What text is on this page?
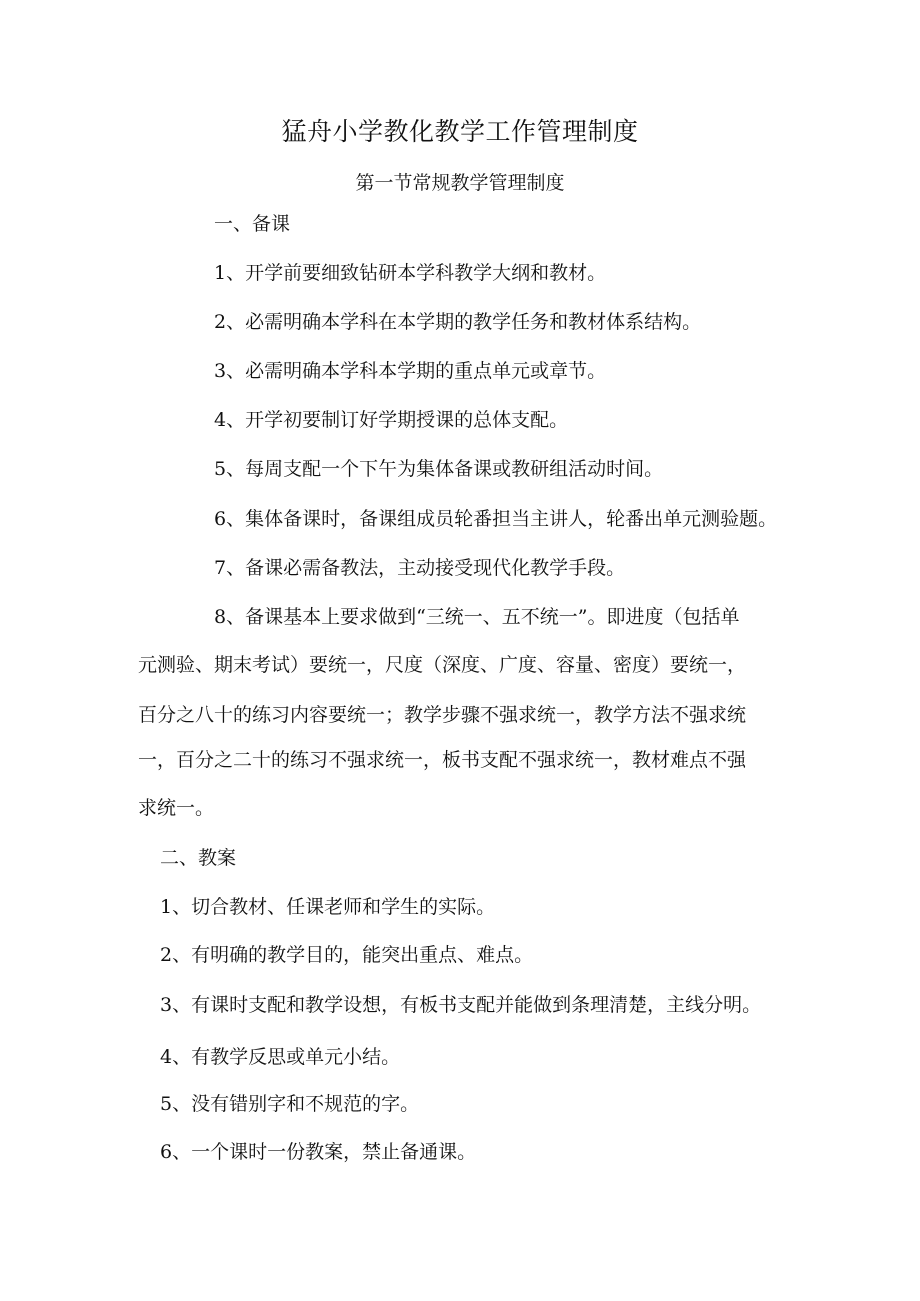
猛舟小学教化教学工作管理制度
第一节常规教学管理制度

一、备课

1、开学前要细致钻研本学科教学大纲和教材。

2、必需明确本学科在本学期的教学任务和教材体系结构。

3、必需明确本学科本学期的重点单元或章节。

4、开学初要制订好学期授课的总体支配。

5、每周支配一个下午为集体备课或教研组活动时间。

6、集体备课时，备课组成员轮番担当主讲人，轮番出单元测验题。

7、备课必需备教法，主动接受现代化教学手段。

8、备课基本上要求做到“三统一、五不统一”。即进度（包括单

元测验、期末考试）要统一，尺度（深度、广度、容量、密度）要统一，

百分之八十的练习内容要统一；教学步骤不强求统一，教学方法不强求统

一，百分之二十的练习不强求统一，板书支配不强求统一，教材难点不强

求统一。

二、教案

1、切合教材、任课老师和学生的实际。

2、有明确的教学目的，能突出重点、难点。

3、有课时支配和教学设想，有板书支配并能做到条理清楚，主线分明。

4、有教学反思或单元小结。

5、没有错别字和不规范的字。

6、一个课时一份教案，禁止备通课。
